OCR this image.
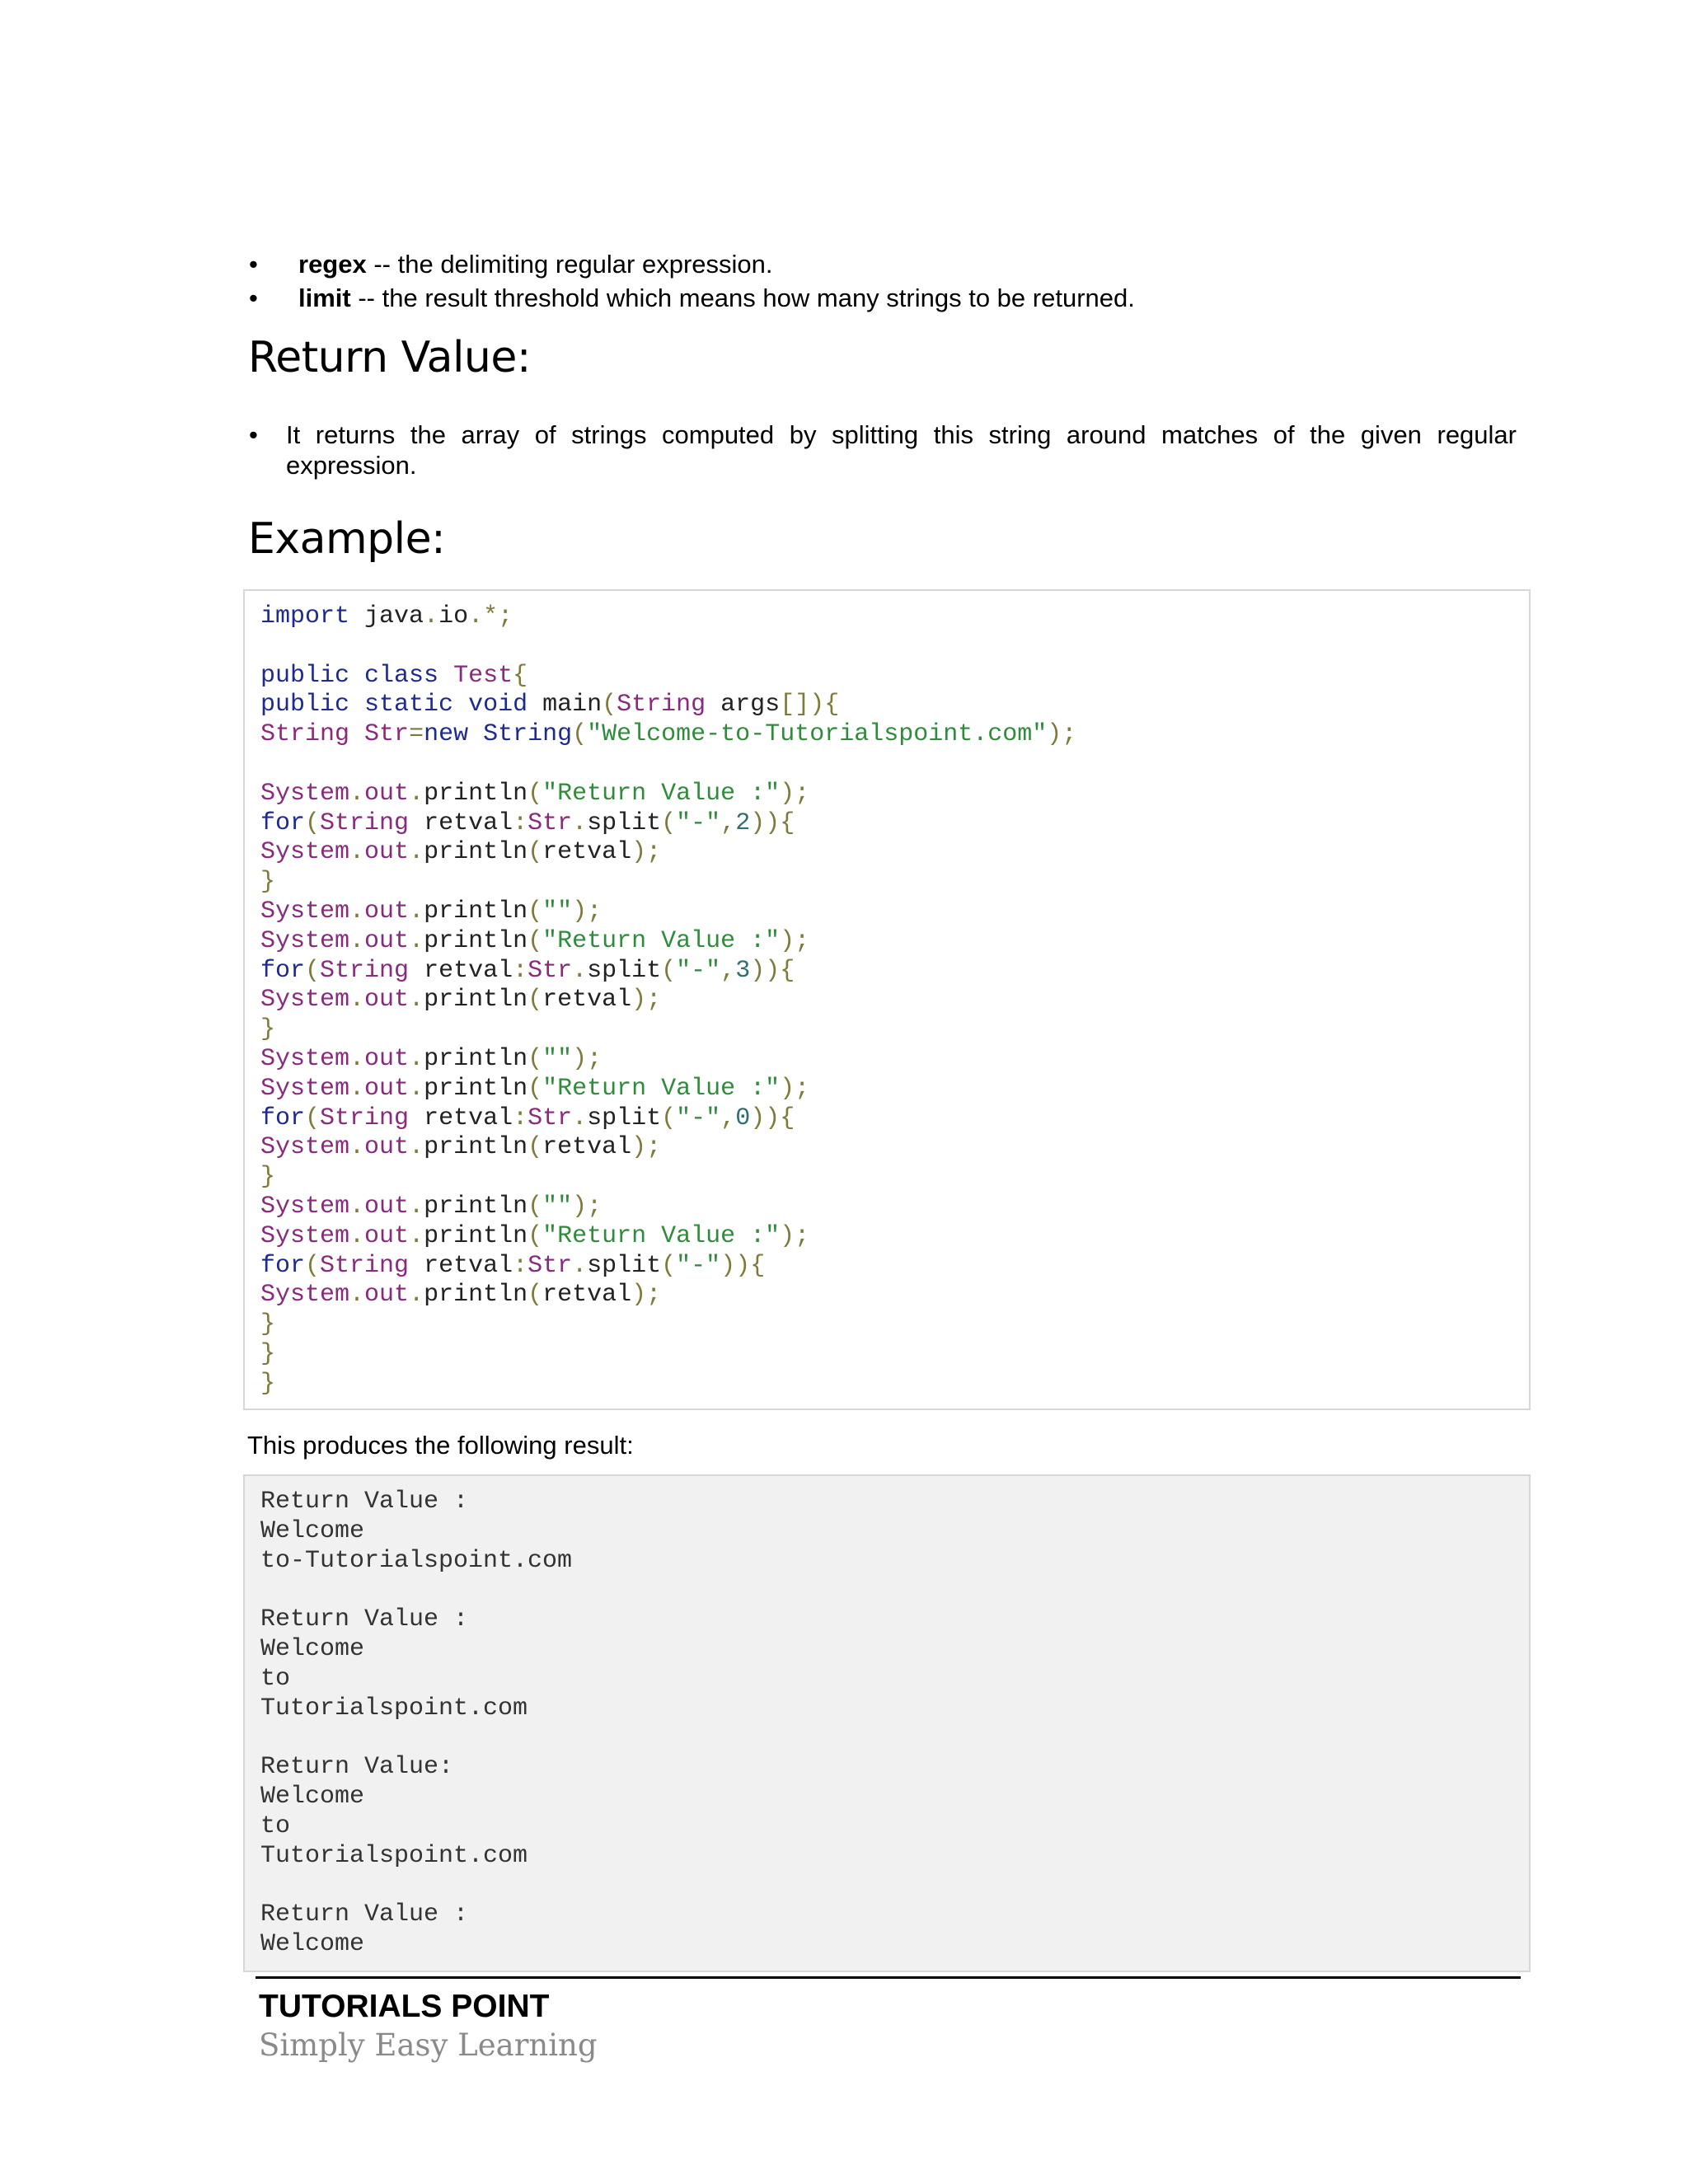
• regex -- the delimiting regular expression.
• limit -- the result threshold which means how many strings to be returned.
Return Value:
• It returns the array of strings computed by splitting this string around matches of the given regular expression.
Example:
import java.io.*;

public class Test{
public static void main(String args[]){
String Str=new String("Welcome-to-Tutorialspoint.com");

System.out.println("Return Value :");
for(String retval:Str.split("-",2)){
System.out.println(retval);
}
System.out.println("");
System.out.println("Return Value :");
for(String retval:Str.split("-",3)){
System.out.println(retval);
}
System.out.println("");
System.out.println("Return Value :");
for(String retval:Str.split("-",0)){
System.out.println(retval);
}
System.out.println("");
System.out.println("Return Value :");
for(String retval:Str.split("-")){
System.out.println(retval);
}
}
}

This produces the following result:

Return Value :
Welcome
to-Tutorialspoint.com

Return Value :
Welcome
to
Tutorialspoint.com

Return Value:
Welcome
to
Tutorialspoint.com

Return Value :
Welcome

TUTORIALS POINT

Simply Easy Learning
